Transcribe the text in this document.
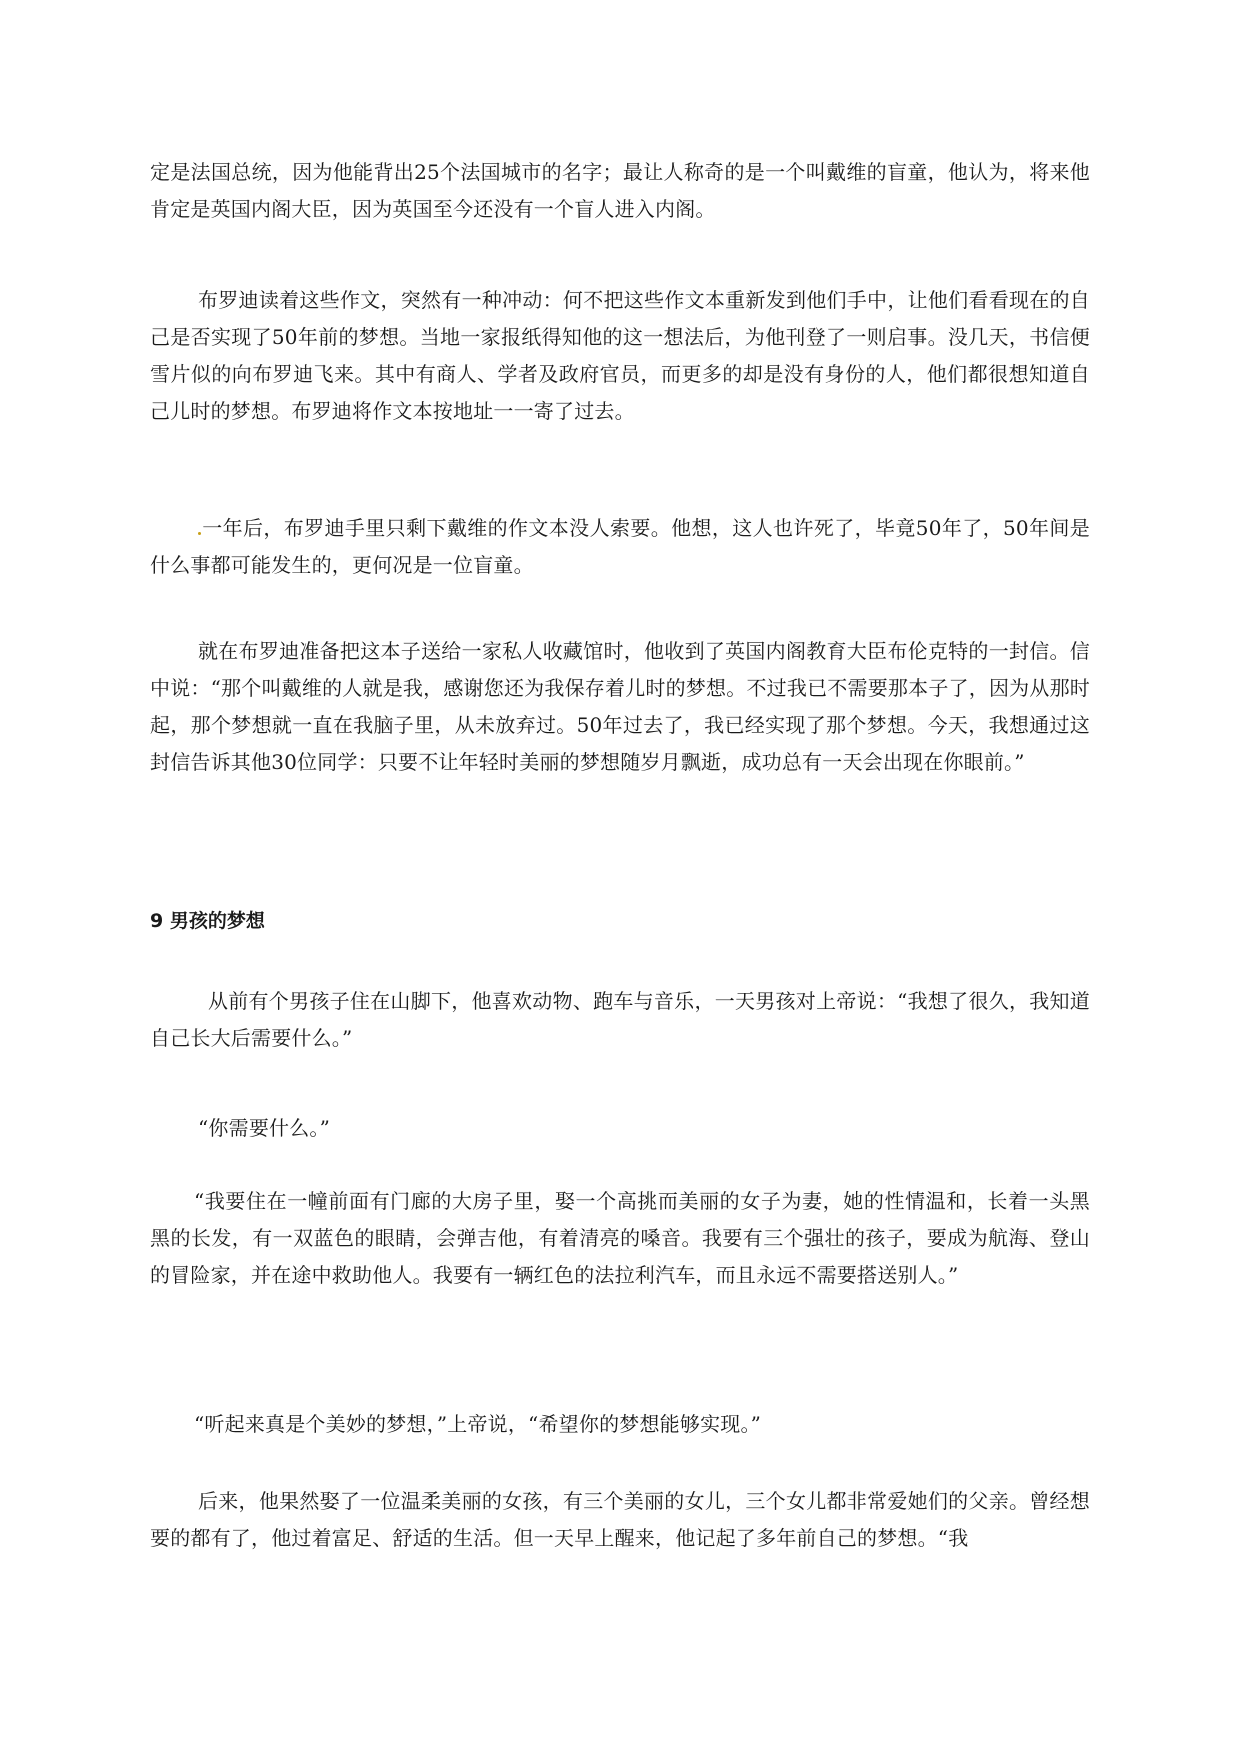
定是法国总统，因为他能背出25个法国城市的名字；最让人称奇的是一个叫戴维的盲童，他认为，将来他肯定是英国内阁大臣，因为英国至今还没有一个盲人进入内阁。

布罗迪读着这些作文，突然有一种冲动：何不把这些作文本重新发到他们手中，让他们看看现在的自己是否实现了50年前的梦想。当地一家报纸得知他的这一想法后，为他刊登了一则启事。没几天，书信便雪片似的向布罗迪飞来。其中有商人、学者及政府官员，而更多的却是没有身份的人，他们都很想知道自己儿时的梦想。布罗迪将作文本按地址一一寄了过去。

一年后，布罗迪手里只剩下戴维的作文本没人索要。他想，这人也许死了，毕竟50年了，50年间是什么事都可能发生的，更何况是一位盲童。

就在布罗迪准备把这本子送给一家私人收藏馆时，他收到了英国内阁教育大臣布伦克特的一封信。信中说：“那个叫戴维的人就是我，感谢您还为我保存着儿时的梦想。不过我已不需要那本子了，因为从那时起，那个梦想就一直在我脑子里，从未放弃过。50年过去了，我已经实现了那个梦想。今天，我想通过这封信告诉其他30位同学：只要不让年轻时美丽的梦想随岁月飘逝，成功总有一天会出现在你眼前。”

9 男孩的梦想

从前有个男孩子住在山脚下，他喜欢动物、跑车与音乐，一天男孩对上帝说：“我想了很久，我知道自己长大后需要什么。”

“你需要什么。”

“我要住在一幢前面有门廊的大房子里，娶一个高挑而美丽的女子为妻，她的性情温和，长着一头黑黑的长发，有一双蓝色的眼睛，会弹吉他，有着清亮的嗓音。我要有三个强壮的孩子，要成为航海、登山的冒险家，并在途中救助他人。我要有一辆红色的法拉利汽车，而且永远不需要搭送别人。”

“听起来真是个美妙的梦想，”上帝说，“希望你的梦想能够实现。”

后来，他果然娶了一位温柔美丽的女孩，有三个美丽的女儿，三个女儿都非常爱她们的父亲。曾经想要的都有了，他过着富足、舒适的生活。但一天早上醒来，他记起了多年前自己的梦想。“我
